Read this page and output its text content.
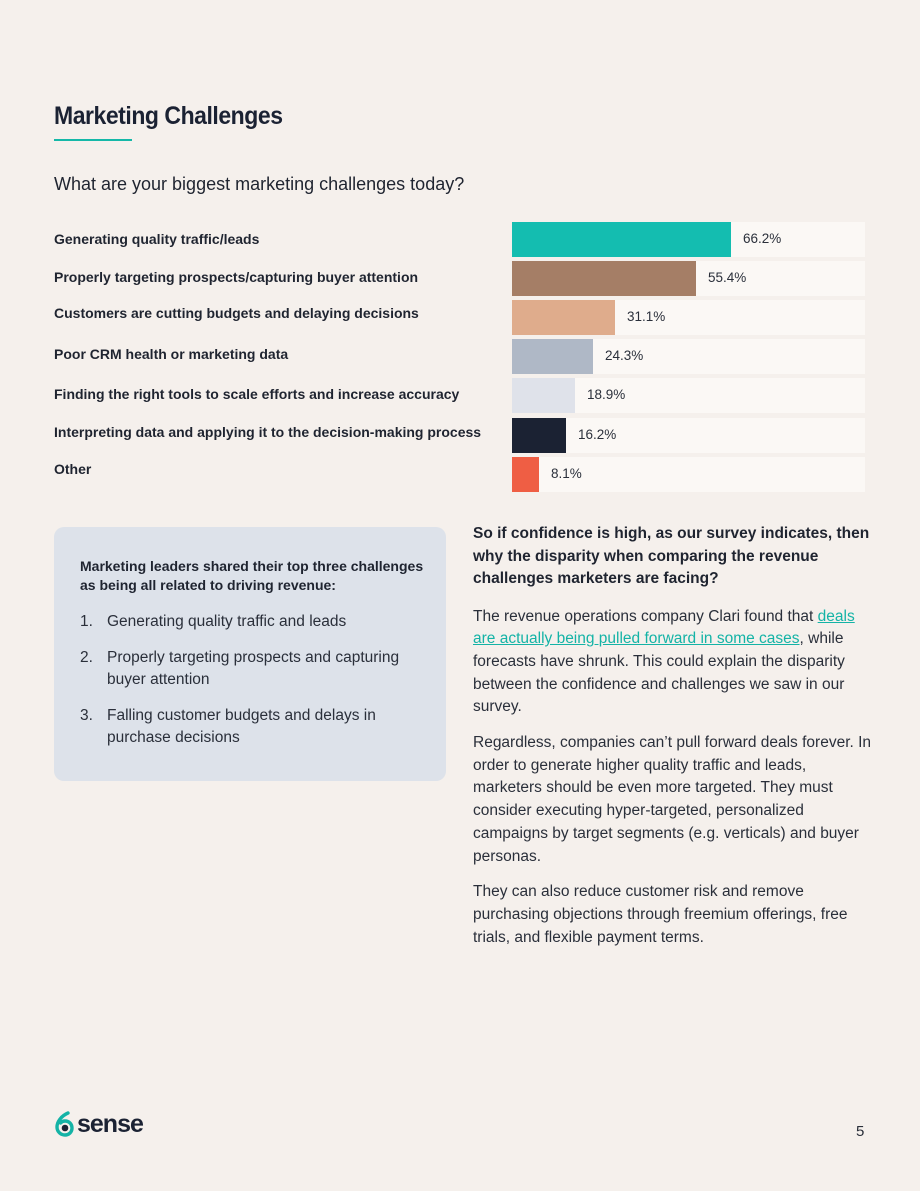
Marketing Challenges
What are your biggest marketing challenges today?
Generating quality traffic/leads	66.2%
Properly targeting prospects/capturing buyer attention	55.4%
Customers are cutting budgets and delaying decisions	31.1%
Poor CRM health or marketing data	24.3%
Finding the right tools to scale efforts and increase accuracy	18.9%
Interpreting data and applying it to the decision-making process	16.2%
Other	8.1%
Marketing leaders shared their top three challenges as being all related to driving revenue:
1. Generating quality traffic and leads
2. Properly targeting prospects and capturing buyer attention
3. Falling customer budgets and delays in purchase decisions

So if confidence is high, as our survey indicates, then why the disparity when comparing the revenue challenges marketers are facing?

The revenue operations company Clari found that deals are actually being pulled forward in some cases, while forecasts have shrunk. This could explain the disparity between the confidence and challenges we saw in our survey.

Regardless, companies can’t pull forward deals forever. In order to generate higher quality traffic and leads, marketers should be even more targeted. They must consider executing hyper-targeted, personalized campaigns by target segments (e.g. verticals) and buyer personas.

They can also reduce customer risk and remove purchasing objections through freemium offerings, free trials, and flexible payment terms.

sense	5
